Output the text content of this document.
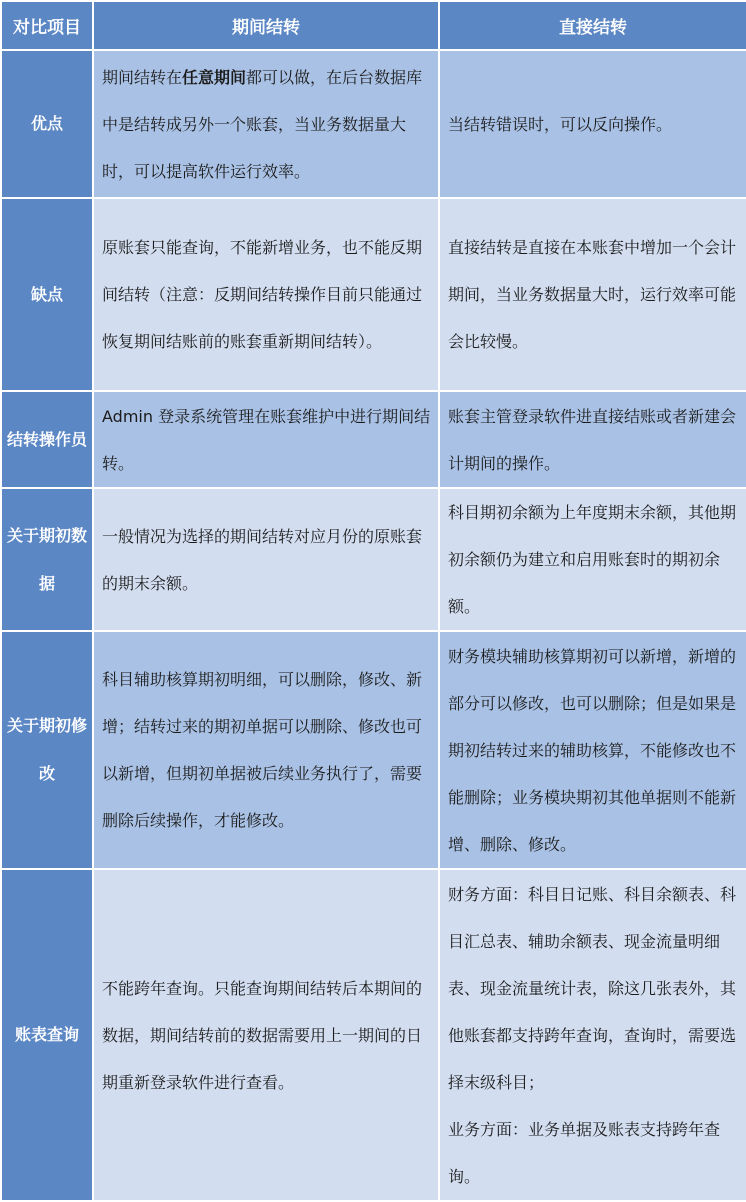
对比项目	期间结转	直接结转
优点	期间结转在任意期间都可以做，在后台数据库中是结转成另外一个账套，当业务数据量大时，可以提高软件运行效率。	当结转错误时，可以反向操作。
缺点	原账套只能查询，不能新增业务，也不能反期间结转（注意：反期间结转操作目前只能通过恢复期间结账前的账套重新期间结转）。	直接结转是直接在本账套中增加一个会计期间，当业务数据量大时，运行效率可能会比较慢。
结转操作员	Admin 登录系统管理在账套维护中进行期间结转。	账套主管登录软件进直接结账或者新建会计期间的操作。
关于期初数据	一般情况为选择的期间结转对应月份的原账套的期末余额。	科目期初余额为上年度期末余额，其他期初余额仍为建立和启用账套时的期初余额。
关于期初修改	科目辅助核算期初明细，可以删除，修改、新增；结转过来的期初单据可以删除、修改也可以新增，但期初单据被后续业务执行了，需要删除后续操作，才能修改。	财务模块辅助核算期初可以新增，新增的部分可以修改，也可以删除；但是如果是期初结转过来的辅助核算，不能修改也不能删除；业务模块期初其他单据则不能新增、删除、修改。
账表查询	不能跨年查询。只能查询期间结转后本期间的数据，期间结转前的数据需要用上一期间的日期重新登录软件进行查看。	财务方面：科目日记账、科目余额表、科目汇总表、辅助余额表、现金流量明细表、现金流量统计表，除这几张表外，其他账套都支持跨年查询，查询时，需要选择末级科目；
业务方面：业务单据及账表支持跨年查询。
